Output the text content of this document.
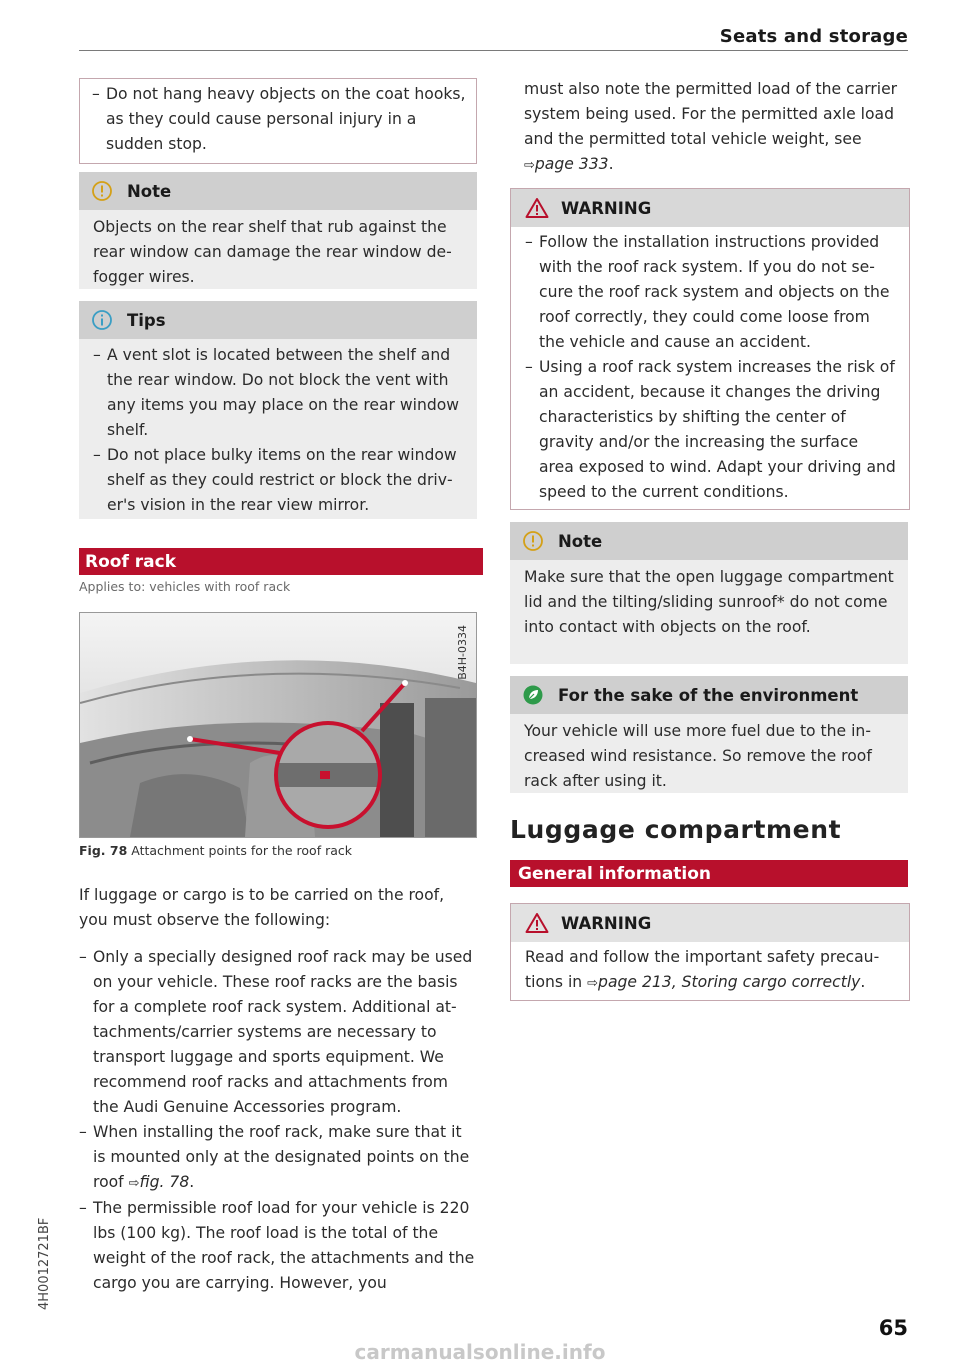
Seats and storage
– Do not hang heavy objects on the coat hooks, as they could cause personal injury in a sudden stop.
Note
Objects on the rear shelf that rub against the rear window can damage the rear window defogger wires.
Tips
– A vent slot is located between the shelf and the rear window. Do not block the vent with any items you may place on the rear window shelf.
– Do not place bulky items on the rear window shelf as they could restrict or block the driver's vision in the rear view mirror.
Roof rack
Applies to: vehicles with roof rack
B4H-0334
Fig. 78 Attachment points for the roof rack

If luggage or cargo is to be carried on the roof, you must observe the following:

– Only a specially designed roof rack may be used on your vehicle. These roof racks are the basis for a complete roof rack system. Additional attachments/carrier systems are necessary to transport luggage and sports equipment. We recommend roof racks and attachments from the Audi Genuine Accessories program.
– When installing the roof rack, make sure that it is mounted only at the designated points on the roof ⇨fig. 78.
– The permissible roof load for your vehicle is 220 lbs (100 kg). The roof load is the total of the weight of the roof rack, the attachments and the cargo you are carrying. However, you

must also note the permitted load of the carrier system being used. For the permitted axle load and the permitted total vehicle weight, see ⇨page 333.

WARNING
– Follow the installation instructions provided with the roof rack system. If you do not secure the roof rack system and objects on the roof correctly, they could come loose from the vehicle and cause an accident.
– Using a roof rack system increases the risk of an accident, because it changes the driving characteristics by shifting the center of gravity and/or the increasing the surface area exposed to wind. Adapt your driving and speed to the current conditions.
Note
Make sure that the open luggage compartment lid and the tilting/sliding sunroof* do not come into contact with objects on the roof.
For the sake of the environment
Your vehicle will use more fuel due to the increased wind resistance. So remove the roof rack after using it.
Luggage compartment
General information
WARNING
Read and follow the important safety precautions in ⇨page 213, Storing cargo correctly.
4H0012721BF
65
carmanualsonline.info
